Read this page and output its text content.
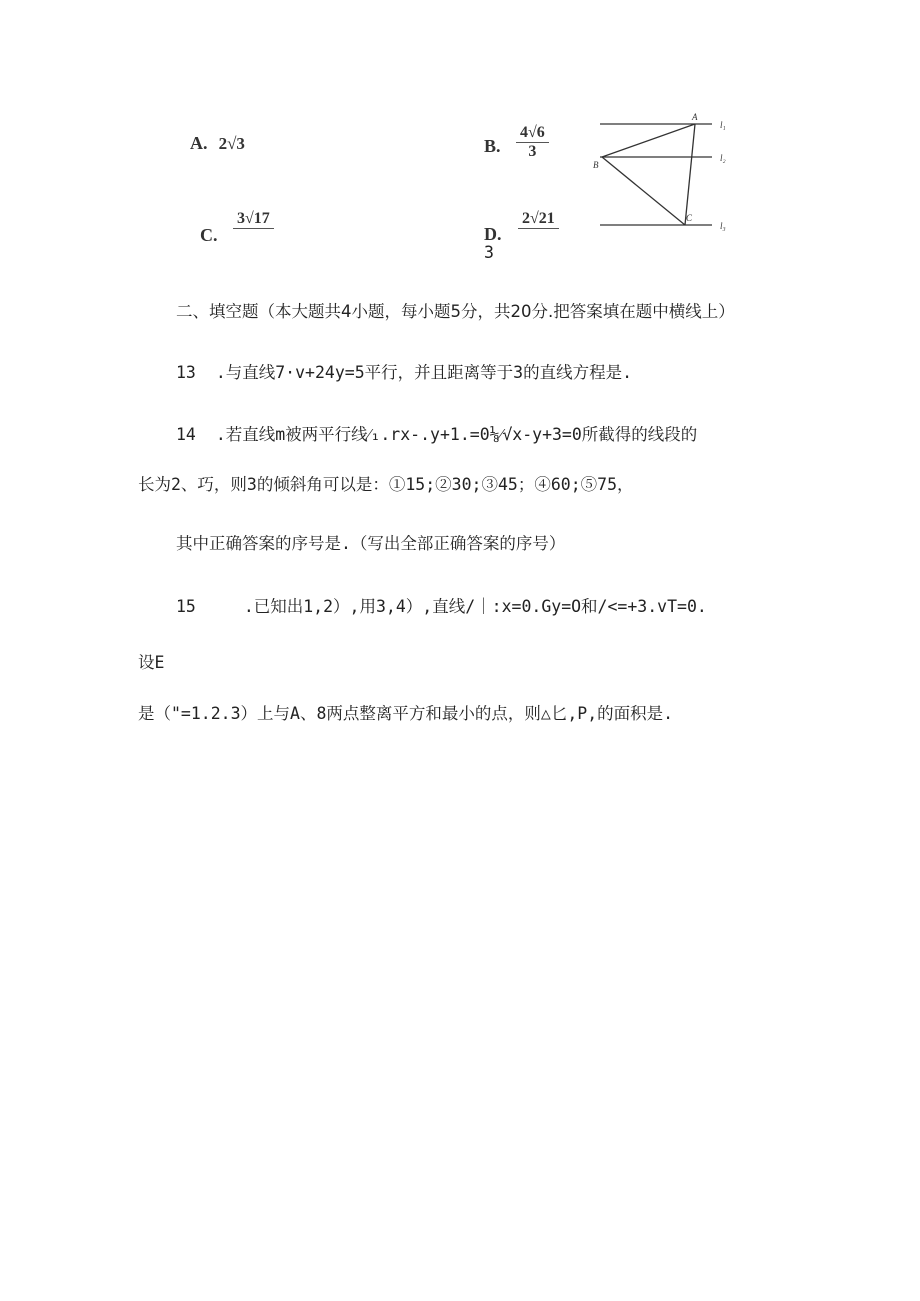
A. 2√3	B. $\frac{4√6}{3}$
C.
3√17
D.
2√21
3
A
B
C
l₁
l₂
l₃
二、填空题（本大题共4小题，每小题5分，共20分.把答案填在题中横线上）
13 .与直线7·v+24y=5平行，并且距离等于3的直线方程是.
14 .若直线m被两平行线⁄₁.rx-.y+1.=0⅛⁄√x-y+3=0所截得的线段的
长为2、巧，则3的倾斜角可以是：①15;②30;③45；④60;⑤75，
其中正确答案的序号是.（写出全部正确答案的序号）
15	.已知出1,2）,用3,4）,直线/｜:x=0.Gy=O和/<=+3.vT=0.
设E
是（"=1.2.3）上与A、8两点整离平方和最小的点，则△匕,P,的面积是.
